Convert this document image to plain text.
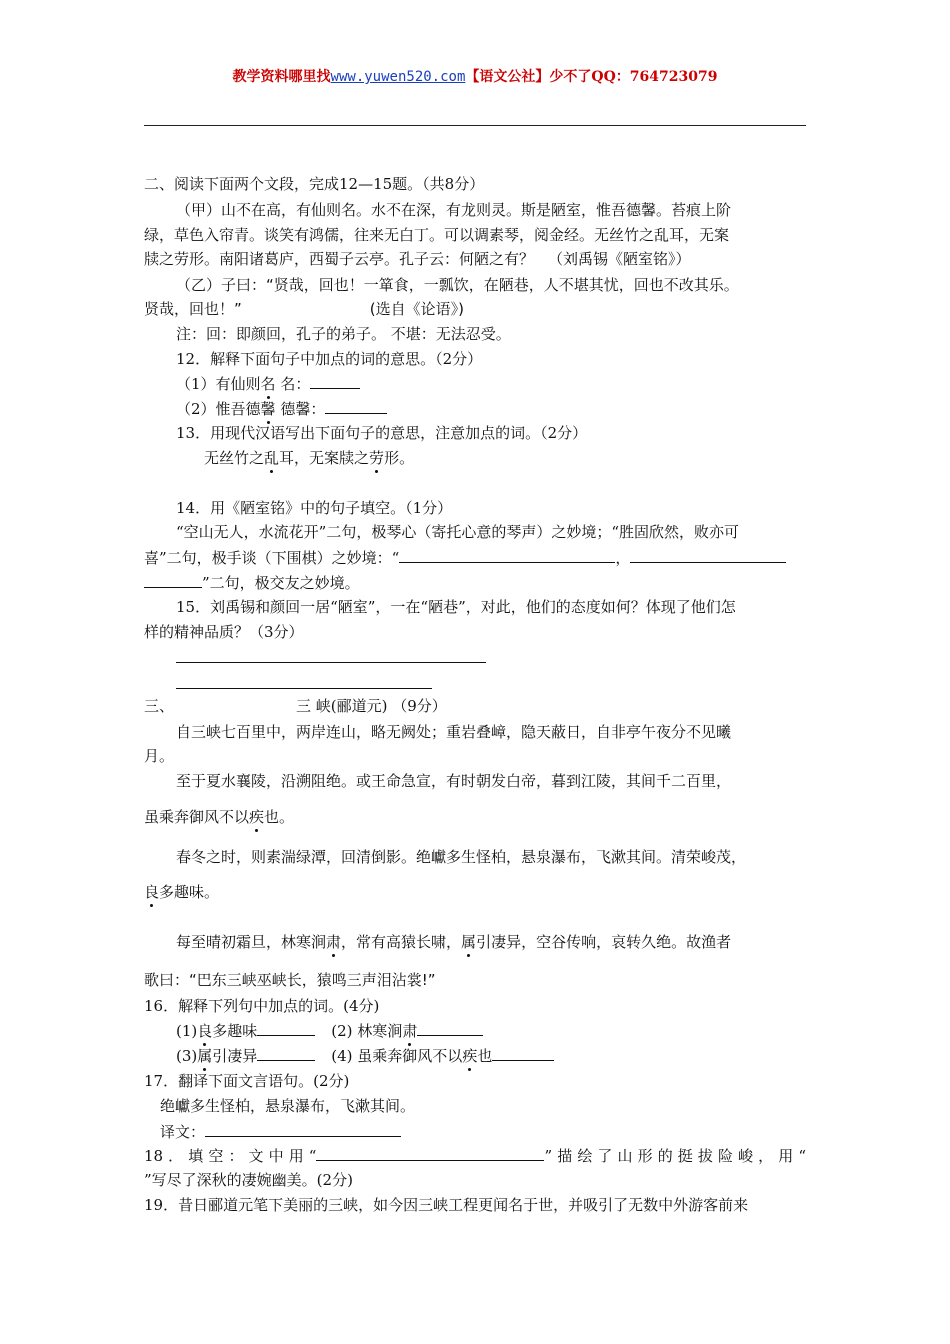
教学资料哪里找www.yuwen520.com【语文公社】少不了QQ：764723079
二、阅读下面两个文段，完成12—15题。（共8分）
（甲）山不在高，有仙则名。水不在深，有龙则灵。斯是陋室，惟吾德馨。苔痕上阶
绿，草色入帘青。谈笑有鸿儒，往来无白丁。可以调素琴，阅金经。无丝竹之乱耳，无案
牍之劳形。南阳诸葛庐，西蜀子云亭。孔子云：何陋之有？ （刘禹锡《陋室铭》）
（乙）子曰：“贤哉，回也！一箪食，一瓢饮，在陋巷，人不堪其忧，回也不改其乐。
贤哉，回也！”	(选自《论语》)
注：回：即颜回，孔子的弟子。 不堪：无法忍受。
12．解释下面句子中加点的词的意思。（2分）
（1）有仙则名 名：
（2）惟吾德馨 德馨：
13．用现代汉语写出下面句子的意思，注意加点的词。（2分）
无丝竹之乱耳，无案牍之劳形。
14．用《陋室铭》中的句子填空。（1分）
“空山无人，水流花开”二句，极琴心（寄托心意的琴声）之妙境；“胜固欣然，败亦可
喜”二句，极手谈（下围棋）之妙境：“	，
”二句，极交友之妙境。
15．刘禹锡和颜回一居“陋室”，一在“陋巷”，对此，他们的态度如何？体现了他们怎
样的精神品质？（3分）
三、	三 峡(郦道元) （9分）
自三峡七百里中，两岸连山，略无阙处；重岩叠嶂，隐天蔽日，自非亭午夜分不见曦
月。
至于夏水襄陵，沿溯阻绝。或王命急宣，有时朝发白帝，暮到江陵，其间千二百里，
虽乘奔御风不以疾也。
春冬之时，则素湍绿潭，回清倒影。绝巘多生怪柏，悬泉瀑布，飞漱其间。清荣峻茂，
良多趣味。
每至晴初霜旦，林寒涧肃，常有高猿长啸，属引凄异，空谷传响，哀转久绝。故渔者
歌曰：“巴东三峡巫峡长，猿鸣三声泪沾裳!”
16．解释下列句中加点的词。(4分)
(1)良多趣味	(2) 林寒涧肃
(3)属引凄异	(4) 虽乘奔御风不以疾也
17．翻译下面文言语句。(2分)
绝巘多生怪柏，悬泉瀑布，飞漱其间。
译文：
18．填空：文中用“	”描绘了山形的挺拔险峻，用“
”写尽了深秋的凄婉幽美。(2分)
19．昔日郦道元笔下美丽的三峡，如今因三峡工程更闻名于世，并吸引了无数中外游客前来
